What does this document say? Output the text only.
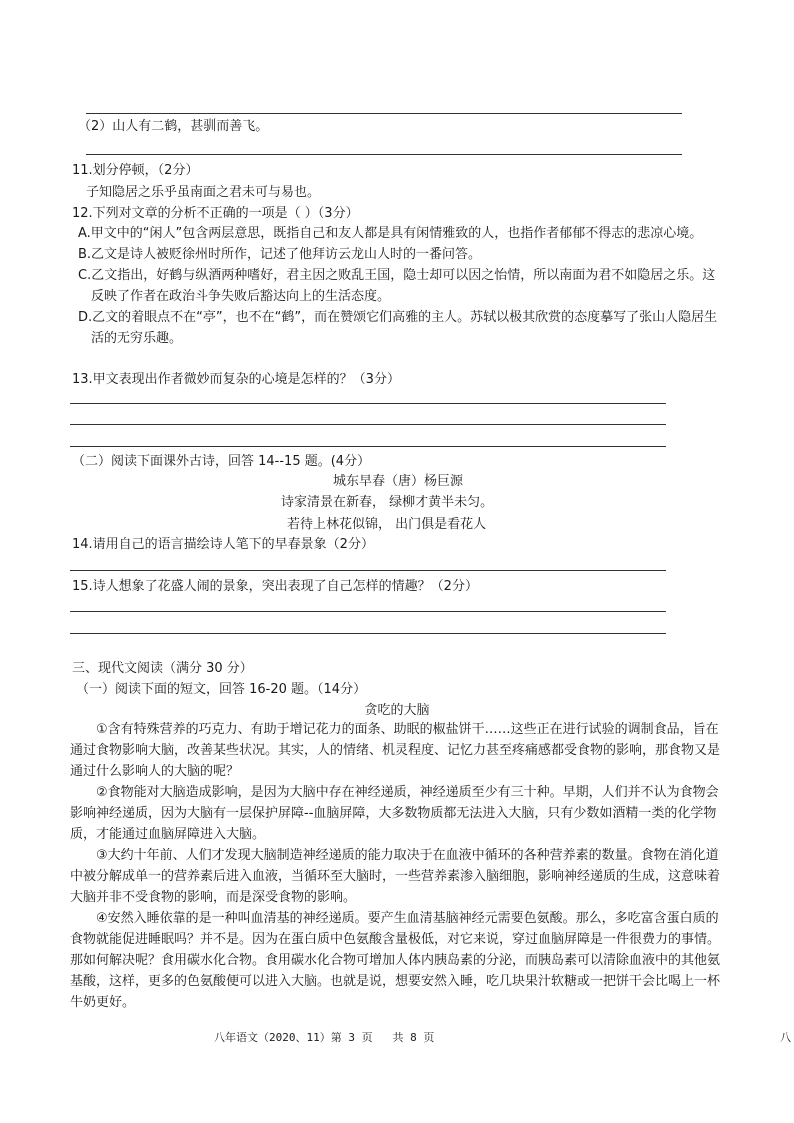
（2）山人有二鹤，甚驯而善飞。
11.划分停顿，（2分）
子知隐居之乐乎虽南面之君未可与易也。
12.下列对文章的分析不正确的一项是（ ）（3分）
A.甲文中的“闲人”包含两层意思，既指自己和友人都是具有闲情雅致的人，也指作者郁郁不得志的悲凉心境。
B.乙文是诗人被贬徐州时所作，记述了他拜访云龙山人时的一番问答。
C.乙文指出，好鹤与纵酒两种嗜好，君主因之败乱王国，隐士却可以因之怡情，所以南面为君不如隐居之乐。这反映了作者在政治斗争失败后豁达向上的生活态度。
D.乙文的着眼点不在“亭”，也不在“鹤”，而在赞颂它们高雅的主人。苏轼以极其欣赏的态度摹写了张山人隐居生活的无穷乐趣。
13.甲文表现出作者微妙而复杂的心境是怎样的？（3分）
（二）阅读下面课外古诗，回答 14--15 题。(4分）
城东早春（唐）杨巨源
诗家清景在新春， 绿柳才黄半未匀。
若待上林花似锦， 出门俱是看花人
14.请用自己的语言描绘诗人笔下的早春景象（2分）
15.诗人想象了花盛人闹的景象，突出表现了自己怎样的情趣？（2分）
三、现代文阅读（满分 30 分）
（一）阅读下面的短文，回答 16-20 题。（14分）
贪吃的大脑
①含有特殊营养的巧克力、有助于增记花力的面条、助眠的椒盐饼干……这些正在进行试验的调制食品，旨在通过食物影响大脑，改善某些状况。其实，人的情绪、机灵程度、记忆力甚至疼痛感都受食物的影响，那食物又是通过什么影响人的大脑的呢？
②食物能对大脑造成影响，是因为大脑中存在神经递质，神经递质至少有三十种。早期，人们并不认为食物会影响神经递质，因为大脑有一层保护屏障--血脑屏障，大多数物质都无法进入大脑，只有少数如酒精一类的化学物质，才能通过血脑屏障进入大脑。
③大约十年前、人们才发现大脑制造神经递质的能力取决于在血液中循环的各种营养素的数量。食物在消化道中被分解成单一的营养素后进入血液，当循环至大脑时，一些营养素渗入脑细胞，影响神经递质的生成，这意味着大脑并非不受食物的影响，而是深受食物的影响。
④安然入睡依靠的是一种叫血清基的神经递质。要产生血清基脑神经元需要色氨酸。那么，多吃富含蛋白质的食物就能促进睡眠吗？并不是。因为在蛋白质中色氨酸含量极低，对它来说，穿过血脑屏障是一件很费力的事情。那如何解决呢？食用碳水化合物。食用碳水化合物可增加人体内胰岛素的分泌，而胰岛素可以清除血液中的其他氨基酸，这样，更多的色氨酸便可以进入大脑。也就是说，想要安然入睡，吃几块果汁软糖或一把饼干会比喝上一杯牛奶更好。
八年语文（2020、11）第 3 页   共 8 页	八
